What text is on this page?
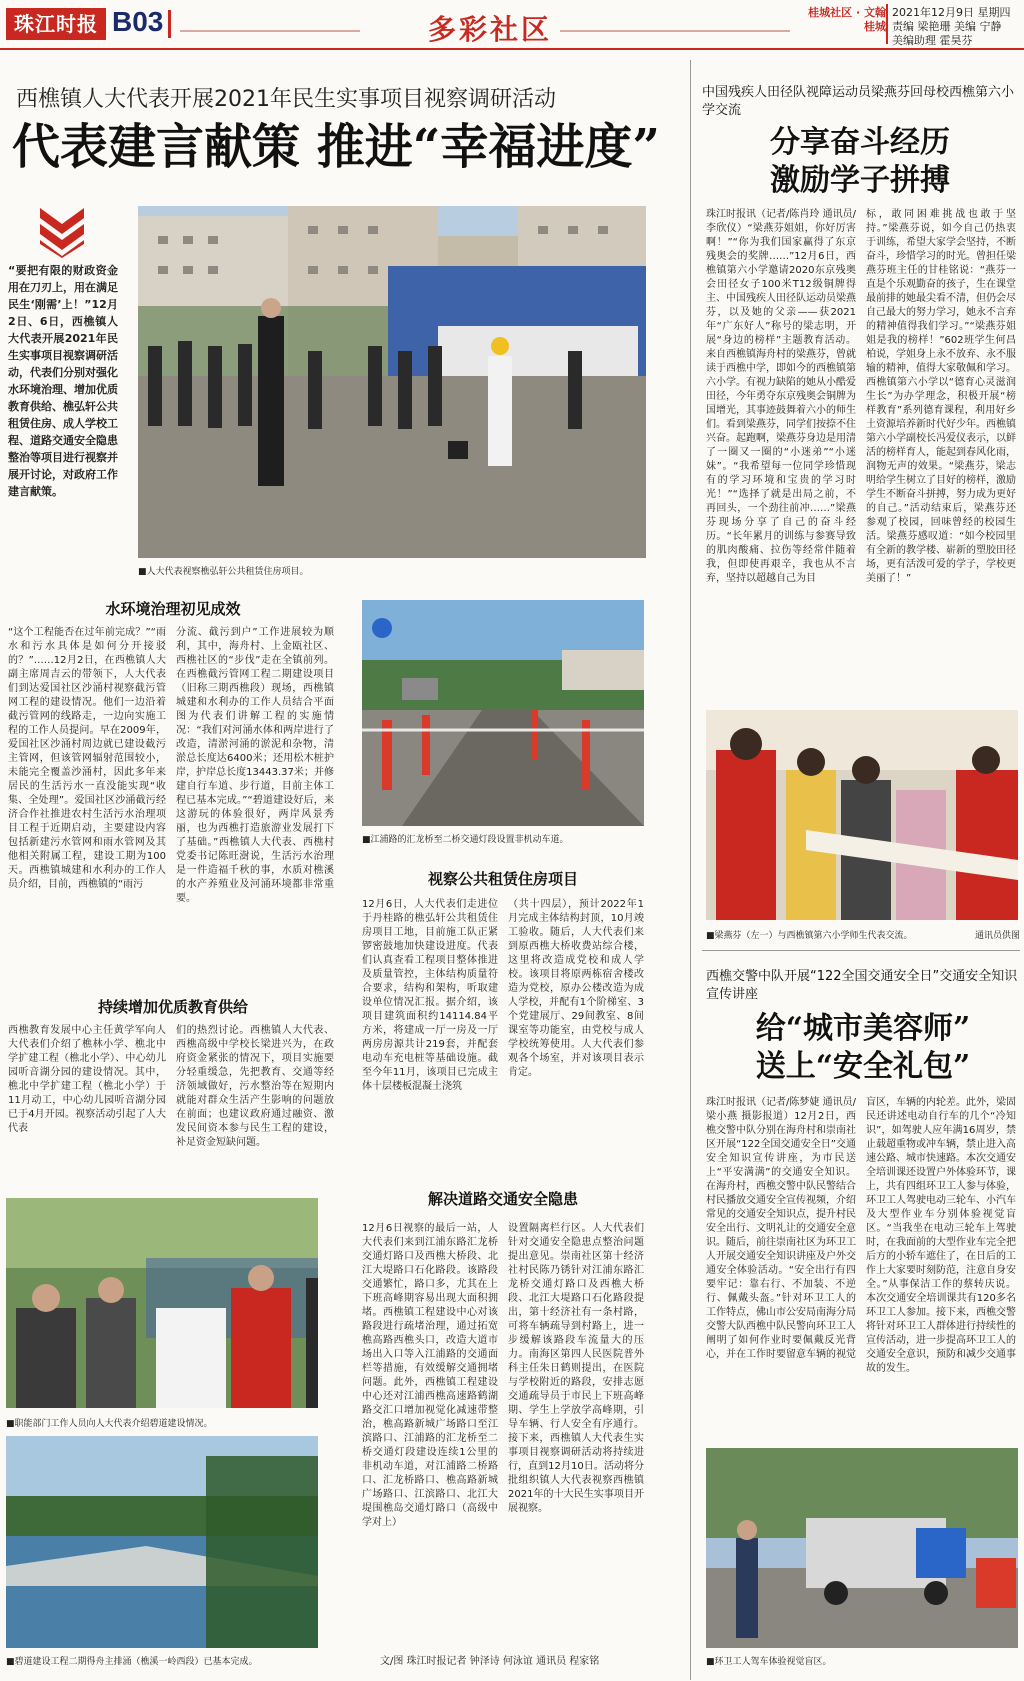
珠江时报 B03	多彩社区
桂城社区 · 文翰桂城
2021年12月9日 星期四
责编 梁艳珊 美编 宁静
美编助理 霍昊芬
西樵镇人大代表开展2021年民生实事项目视察调研活动
代表建言献策 推进“幸福进度”
“要把有限的财政资金用在刀刃上，用在满足民生‘刚需’上！”12月2日、6日，西樵镇人大代表开展2021年民生实事项目视察调研活动，代表们分别对强化水环境治理、增加优质教育供给、樵弘轩公共租赁住房、成人学校工程、道路交通安全隐患整治等项目进行视察并展开讨论，对政府工作建言献策。
■人大代表视察樵弘轩公共租赁住房项目。
水环境治理初见成效
“这个工程能否在过年前完成？”“雨水和污水具体是如何分开接驳的？”……12月2日，在西樵镇人大副主席周吉云的带领下，人大代表们到达爱国社区沙涌村视察截污管网工程的建设情况。他们一边沿着截污管网的线路走，一边向实施工程的工作人员提问。早在2009年，爱国社区沙涌村周边就已建设截污主管网，但该管网辐射范围较小，未能完全覆盖沙涌村，因此多年来居民的生活污水一直没能实现“收集、全处理”。爱国社区沙涌截污经济合作社推进农村生活污水治理项目工程于近期启动，主要建设内容包括新建污水管网和雨水管网及其他相关附属工程，建设工期为100天。西樵镇城建和水利办的工作人员介绍，目前，西樵镇的“雨污
分流、截污到户”工作进展较为顺利，其中，海舟村、上金瓯社区、西樵社区的“步伐”走在全镇前列。在西樵截污管网工程二期建设项目（旧称三期西樵段）现场，西樵镇城建和水利办的工作人员结合平面图为代表们讲解工程的实施情况：“我们对河涌水体和两岸进行了改造，清淤河涌的淤泥和杂物，清淤总长度达6400米；还用松木桩护岸，护岸总长度13443.37米；并修建自行车道、步行道，目前主体工程已基本完成。”“碧道建设好后，来这游玩的体验很好，两岸风景秀丽，也为西樵打造旅游业发展打下了基础。”西樵镇人大代表、西樵村党委书记陈旺澍说，生活污水治理是一件造福千秋的事，水质对樵溪的水产养殖业及河涌环境都非常重要。
■江浦路的汇龙桥至二桥交通灯段设置非机动车道。
视察公共租赁住房项目
12月6日，人大代表们走进位于丹桂路的樵弘轩公共租赁住房项目工地，目前施工队正紧锣密鼓地加快建设进度。代表们认真查看工程项目整体推进及质量管控，主体结构质量符合要求，结构和架构，听取建设单位情况汇报。据介绍，该项目建筑面积约14114.84平方米，将建成一厅一房及一厅两房房源共计219套，并配套电动车充电桩等基础设施。截至今年11月，该项目已完成主体十层楼板混凝土浇筑
（共十四层），预计2022年1月完成主体结构封顶，10月竣工验收。随后，人大代表们来到原西樵大桥收费站综合楼，这里将改造成党校和成人学校。该项目将原两栋宿舍楼改造为党校，原办公楼改造为成人学校，并配有1个阶梯室、3个党建展厅、29间教室、8间课室等功能室，由党校与成人学校统筹使用。人大代表们参观各个场室，并对该项目表示肯定。
持续增加优质教育供给
西樵教育发展中心主任黄学军向人大代表们介绍了樵林小学、樵北中学扩建工程（樵北小学）、中心幼儿园听音湖分园的建设情况。其中，樵北中学扩建工程（樵北小学）于11月动工，中心幼儿园听音湖分园已于4月开园。视察活动引起了人大代表
们的热烈讨论。西樵镇人大代表、西樵高级中学校长梁进兴为，在政府资金紧张的情况下，项目实施要分轻重缓急，先把教育、交通等经济领域做好，污水整治等在短期内就能对群众生活产生影响的问题放在前面；也建议政府通过融资、激发民间资本参与民生工程的建设，补足资金短缺问题。
■职能部门工作人员向人大代表介绍碧道建设情况。
■碧道建设工程二期得舟主排涌（樵溪一岭西段）已基本完成。
解决道路交通安全隐患
12月6日视察的最后一站，人大代表们来到江浦东路汇龙桥交通灯路口及西樵大桥段、北江大堤路口石化路段。该路段交通繁忙，路口多，尤其在上下班高峰期容易出现大面积拥堵。西樵镇工程建设中心对该路段进行疏堵治理，通过拓宽樵高路西樵头口，改造大道市场出入口等入江浦路的交通面栏等措施，有效缓解交通拥堵问题。此外，西樵镇工程建设中心还对江浦西樵高速路鹤湖路交汇口增加视觉化减速带整治，樵高路新城广场路口至江滨路口、江浦路的汇龙桥至二桥交通灯段建设连续1公里的非机动车道，对江浦路二桥路口、汇龙桥路口、樵高路新城广场路口、江滨路口、北江大堤围樵岛交通灯路口（高级中学对上）
设置隔离栏行区。人大代表们针对交通安全隐患点整治问题提出意见。崇南社区第十经济社村民陈乃锈针对江浦东路汇龙桥交通灯路口及西樵大桥段、北江大堤路口石化路段提出，第十经济社有一条村路，可将车辆疏导到村路上，进一步缓解该路段车流量大的压力。南海区第四人民医院普外科主任朱日鹤则提出，在医院与学校附近的路段，安排志愿交通疏导员于市民上下班高峰期、学生上学放学高峰期，引导车辆、行人安全有序通行。接下来，西樵镇人大代表生实事项目视察调研活动将持续进行，直到12月10日。活动将分批组织镇人大代表视察西樵镇2021年的十大民生实事项目开展视察。
文/图 珠江时报记者 钟泽诗 何泳谊 通讯员 程家铭
中国残疾人田径队视障运动员梁燕芬回母校西樵第六小学交流
分享奋斗经历
激励学子拼搏
珠江时报讯（记者/陈肖玲 通讯员/李欣仪）“梁燕芬姐姐，你好厉害啊！”“你为我们国家赢得了东京残奥会的奖牌……”12月6日，西樵镇第六小学邀请2020东京残奥会田径女子100米T12级铜牌得主、中国残疾人田径队运动员梁燕芬，以及她的父亲——获2021年“广东好人”称号的梁志明，开展“身边的榜样”主题教育活动。来自西樵镇海舟村的梁燕芬，曾就读于西樵中学，即如今的西樵镇第六小学。有视力缺陷的她从小酷爱田径，今年勇夺东京残奥会铜牌为国增光，其事迹鼓舞着六小的师生们。看到梁燕芬，同学们按捺不住兴奋。起跑啊，梁燕芬身边是用清了一圈又一圈的“小迷弟”“小迷妹”。“我希望每一位同学珍惜现有的学习环境和宝贵的学习时光！”“选择了就是出局之前，不再回头，一个劲往前冲……”梁燕芬现场分享了自己的奋斗经历。“长年累月的训练与参赛导致的肌肉酸痛、拉伤等经常伴随着我，但即使再艰辛，我也从不言弃，坚持以超越自己为目
标，敢同困难挑战也敢于坚持。”梁燕芬说，如今自己仍热衷于训练，希望大家学会坚持，不断奋斗，珍惜学习的时光。曾担任梁燕芬班主任的甘桂铭说：“燕芬一直是个乐观勤奋的孩子，生在课堂最前排的她最尖看不清，但仍会尽自己最大的努力学习，她永不言弃的精神值得我们学习。”“梁燕芬姐姐是我的榜样！”602班学生何昌柏说，学姐身上永不放弃、永不服输的精神，值得大家敬佩和学习。西樵镇第六小学以“德育心灵滋润生长”为办学理念，积极开展“榜样教育”系列德育课程，利用好乡土资源培养新时代好少年。西樵镇第六小学副校长冯爱仪表示，以鲜活的榜样育人，能起到春风化雨，润物无声的效果。“梁燕芬，梁志明给学生树立了目好的榜样，激励学生不断奋斗拼搏，努力成为更好的自己。”活动结束后，梁燕芬还参观了校园，回味曾经的校园生活。梁燕芬感叹道：“如今校园里有全新的教学楼、崭新的塑胶田径场，更有活泼可爱的学子，学校更美丽了！”
■梁燕芬（左一）与西樵镇第六小学师生代表交流。	通讯员供图
西樵交警中队开展“122全国交通安全日”交通安全知识宣传讲座
给“城市美容师”
送上“安全礼包”
珠江时报讯（记者/陈梦婕 通讯员/梁小燕 摄影报道）12月2日，西樵交警中队分别在海舟村和崇南社区开展“122全国交通安全日”交通安全知识宣传讲座，为市民送上“平安满满”的交通安全知识。在海舟村，西樵交警中队民警结合村民播放交通安全宣传视频，介绍常见的交通安全知识点，提升村民安全出行、文明礼让的交通安全意识。随后，前往崇南社区为环卫工人开展交通安全知识讲座及户外交通安全体验活动。“安全出行有四要牢记：靠右行、不加装、不逆行、佩戴头盔。”针对环卫工人的工作特点，佛山市公安局南海分局交警大队西樵中队民警向环卫工人阐明了如何作业时要佩戴反光背心，并在工作时要留意车辆的视觉
盲区，车辆的内轮差。此外，梁固民还讲述电动自行车的几个“冷知识”，如驾驶人应年满16周岁，禁止载超重物或冲车辆，禁止进入高速公路、城市快速路。本次交通安全培训课还设置户外体验环节，课上，共有四组环卫工人参与体验，环卫工人驾驶电动三轮车、小汽车及大型作业车分别体验视觉盲区。“当我坐在电动三轮车上驾驶时，在我面前的大型作业车完全把后方的小轿车遮住了，在日后的工作上大家要时刻防范，注意自身安全。”从事保洁工作的蔡转庆说。本次交通安全培训课共有120多名环卫工人参加。接下来，西樵交警将针对环卫工人群体进行持续性的宣传活动，进一步提高环卫工人的交通安全意识，预防和减少交通事故的发生。
■环卫工人驾车体验视觉盲区。
